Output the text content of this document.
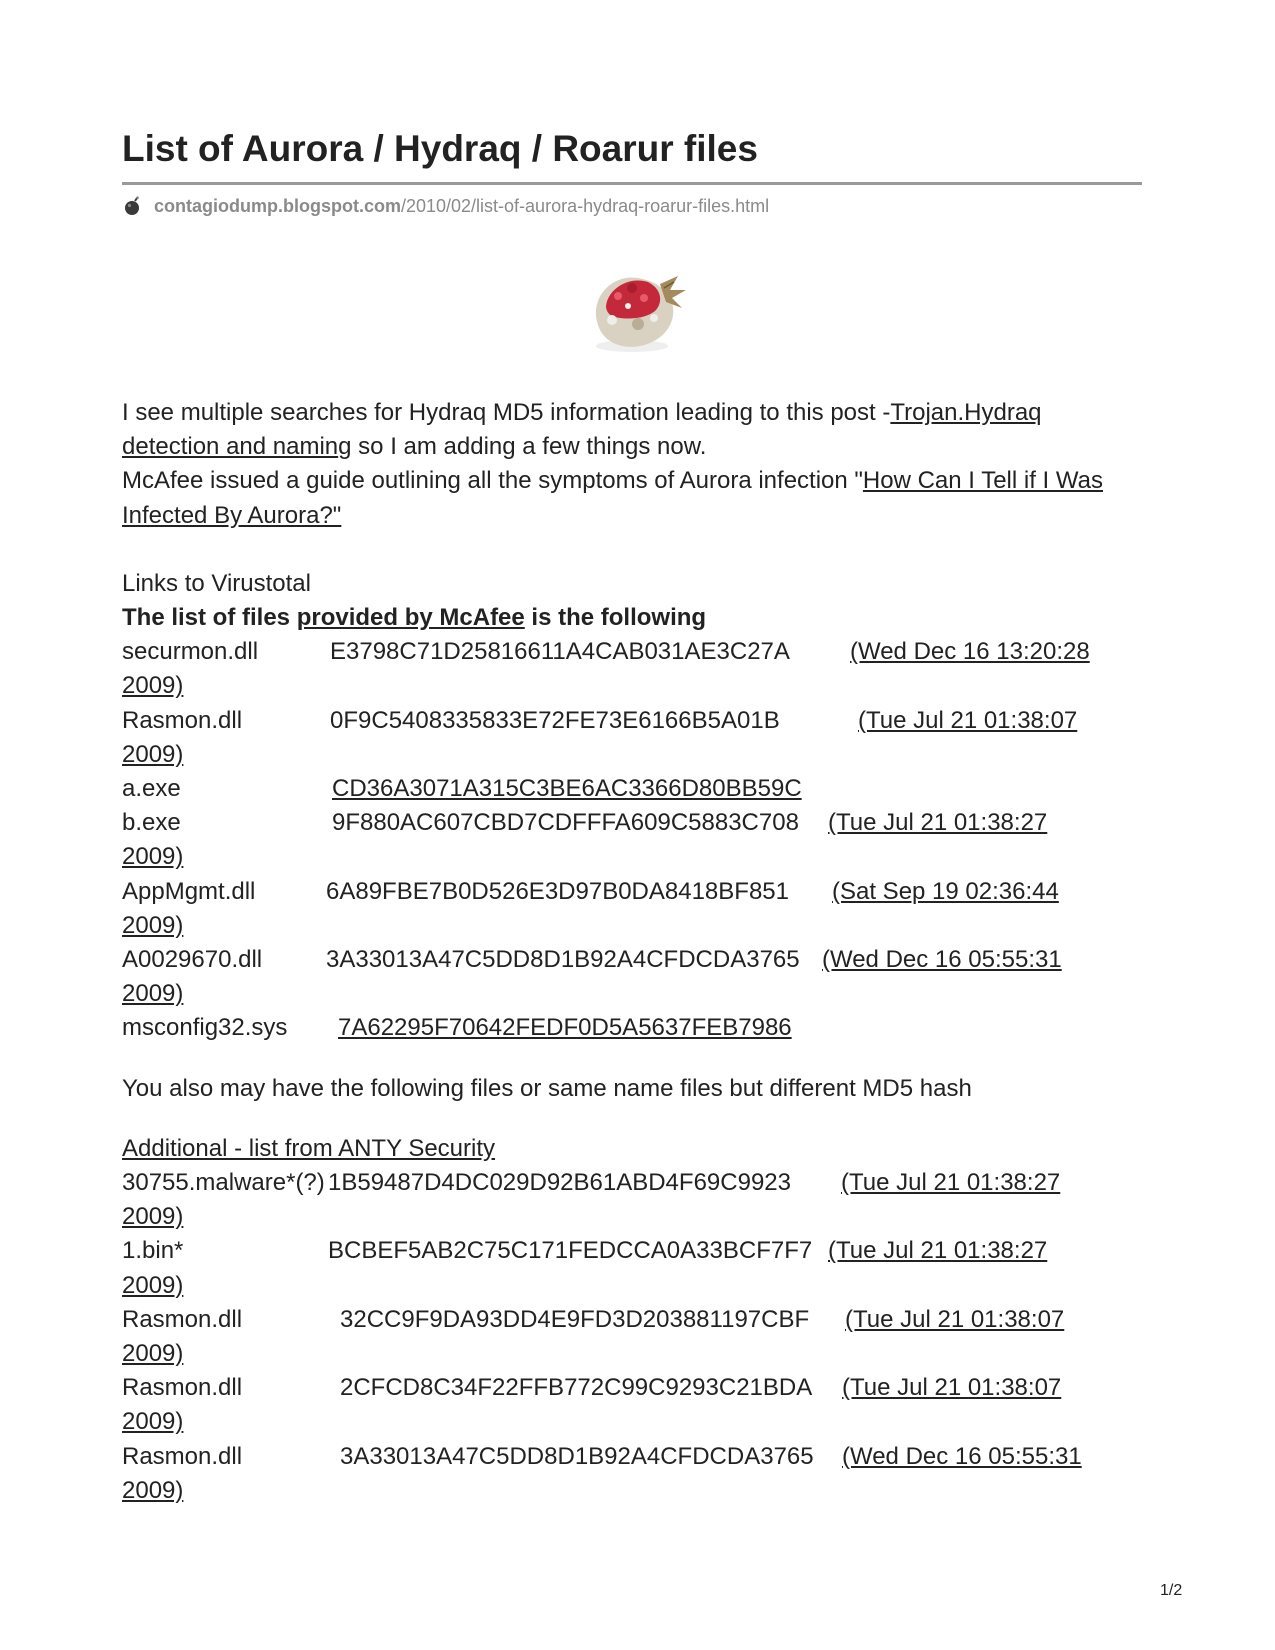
List of Aurora / Hydraq / Roarur files
contagiodump.blogspot.com /2010/02/list-of-aurora-hydraq-roarur-files.html

I see multiple searches for Hydraq MD5 information leading to this post -Trojan.Hydraq detection and naming so I am adding a few things now.

McAfee issued a guide outlining all the symptoms of Aurora infection "How Can I Tell if I Was Infected By Aurora?"

Links to Virustotal

The list of files provided by McAfee is the following

securmon.dll	E3798C71D25816611A4CAB031AE3C27A	(Wed Dec 16 13:20:28
2009)
Rasmon.dll	0F9C5408335833E72FE73E6166B5A01B	(Tue Jul 21 01:38:07
2009)
a.exe	CD36A3071A315C3BE6AC3366D80BB59C
b.exe	9F880AC607CBD7CDFFFA609C5883C708 (Tue Jul 21 01:38:27
2009)
AppMgmt.dll	6A89FBE7B0D526E3D97B0DA8418BF851 (Sat Sep 19 02:36:44
2009)
A0029670.dll	3A33013A47C5DD8D1B92A4CFDCDA3765 (Wed Dec 16 05:55:31
2009)
msconfig32.sys 7A62295F70642FEDF0D5A5637FEB7986

You also may have the following files or same name files but different MD5 hash

Additional - list from ANTY Security

30755.malware*(?) 1B59487D4DC029D92B61ABD4F69C9923 (Tue Jul 21 01:38:27
2009)
1.bin*	BCBEF5AB2C75C171FEDCCA0A33BCF7F7 (Tue Jul 21 01:38:27
2009)
Rasmon.dll	32CC9F9DA93DD4E9FD3D203881197CBF (Tue Jul 21 01:38:07
2009)
Rasmon.dll	2CFCD8C34F22FFB772C99C9293C21BDA (Tue Jul 21 01:38:07
2009)
Rasmon.dll	3A33013A47C5DD8D1B92A4CFDCDA3765 (Wed Dec 16 05:55:31
2009)
1/2
